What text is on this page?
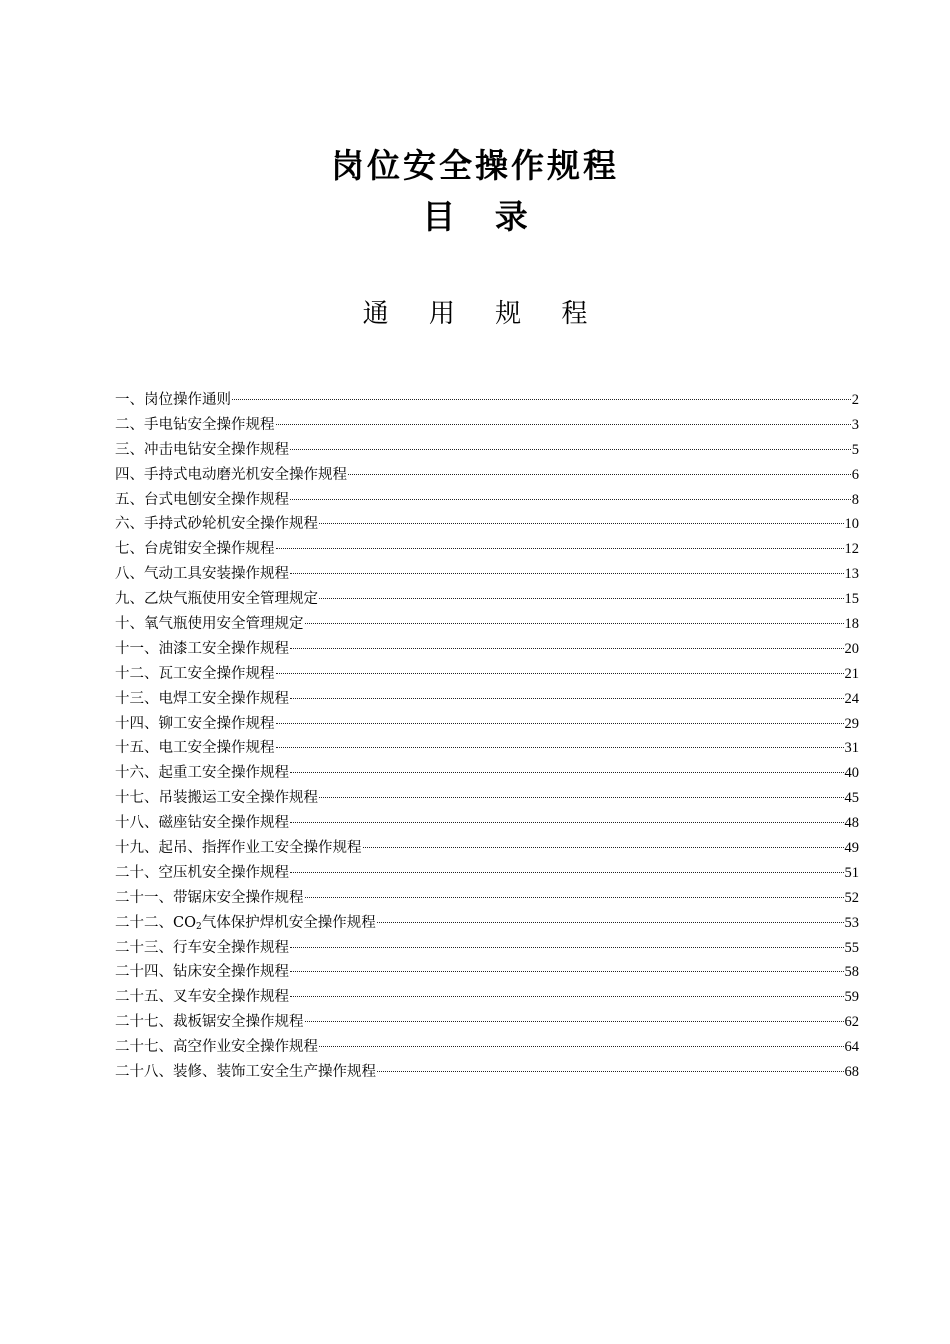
岗位安全操作规程
目 录
通 用 规 程
一、岗位操作通则	2
二、手电钻安全操作规程	3
三、冲击电钻安全操作规程	5
四、手持式电动磨光机安全操作规程	6
五、台式电刨安全操作规程	8
六、手持式砂轮机安全操作规程	10
七、台虎钳安全操作规程	12
八、气动工具安装操作规程	13
九、乙炔气瓶使用安全管理规定	15
十、氧气瓶使用安全管理规定	18
十一、油漆工安全操作规程	20
十二、瓦工安全操作规程	21
十三、电焊工安全操作规程	24
十四、铆工安全操作规程	29
十五、电工安全操作规程	31
十六、起重工安全操作规程	40
十七、吊装搬运工安全操作规程	45
十八、磁座钻安全操作规程	48
十九、起吊、指挥作业工安全操作规程	49
二十、空压机安全操作规程	51
二十一、带锯床安全操作规程	52
二十二、$CO_2$气体保护焊机安全操作规程	53
二十三、行车安全操作规程	55
二十四、钻床安全操作规程	58
二十五、叉车安全操作规程	59
二十七、裁板锯安全操作规程	62
二十七、高空作业安全操作规程	64
二十八、装修、装饰工安全生产操作规程	68
